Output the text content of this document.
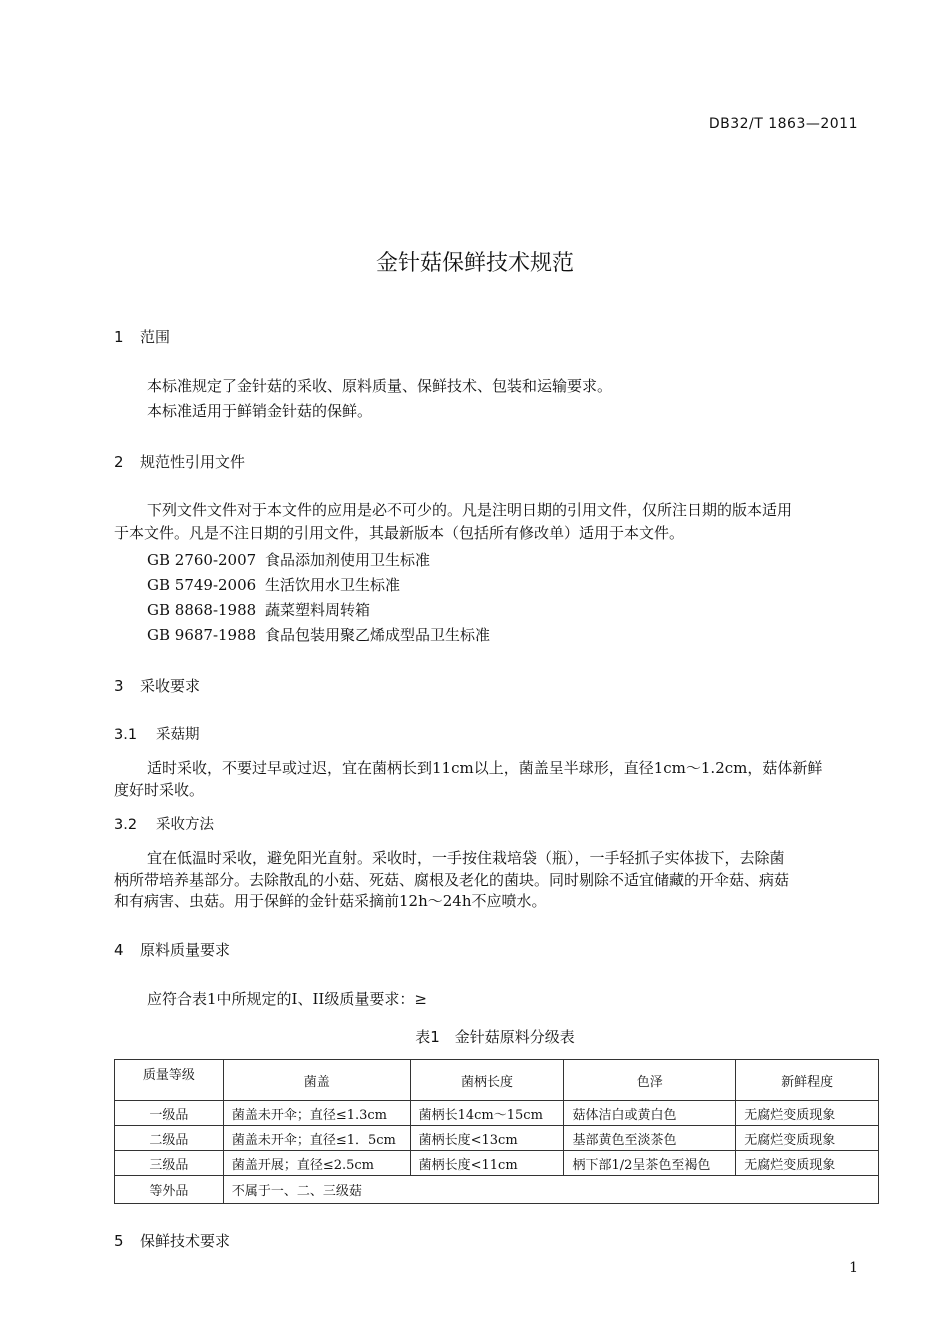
DB32/T 1863—2011
金针菇保鲜技术规范
1 范围
本标准规定了金针菇的采收、原料质量、保鲜技术、包装和运输要求。
本标准适用于鲜销金针菇的保鲜。
2 规范性引用文件
下列文件文件对于本文件的应用是必不可少的。凡是注明日期的引用文件，仅所注日期的版本适用
于本文件。凡是不注日期的引用文件，其最新版本（包括所有修改单）适用于本文件。
GB 2760-2007 食品添加剂使用卫生标准
GB 5749-2006 生活饮用水卫生标准
GB 8868-1988 蔬菜塑料周转箱
GB 9687-1988 食品包装用聚乙烯成型品卫生标准
3 采收要求
3.1 采菇期
适时采收，不要过早或过迟，宜在菌柄长到11cm以上，菌盖呈半球形，直径1cm～1.2cm，菇体新鲜
度好时采收。
3.2 采收方法
宜在低温时采收，避免阳光直射。采收时，一手按住栽培袋（瓶），一手轻抓子实体拔下，去除菌
柄所带培养基部分。去除散乱的小菇、死菇、腐根及老化的菌块。同时剔除不适宜储藏的开伞菇、病菇
和有病害、虫菇。用于保鲜的金针菇采摘前12h～24h不应喷水。
4 原料质量要求
应符合表1中所规定的I、II级质量要求：≥
表1　金针菇原料分级表
质量等级	菌盖	菌柄长度	色泽	新鲜程度
一级品	菌盖未开伞；直径≤1.3cm	菌柄长14cm～15cm	菇体洁白或黄白色	无腐烂变质现象
二级品	菌盖未开伞；直径≤1．5cm	菌柄长度<13cm	基部黄色至淡茶色	无腐烂变质现象
三级品	菌盖开展；直径≤2.5cm	菌柄长度<11cm	柄下部1/2呈茶色至褐色	无腐烂变质现象
等外品	不属于一、二、三级菇			
5 保鲜技术要求
1
